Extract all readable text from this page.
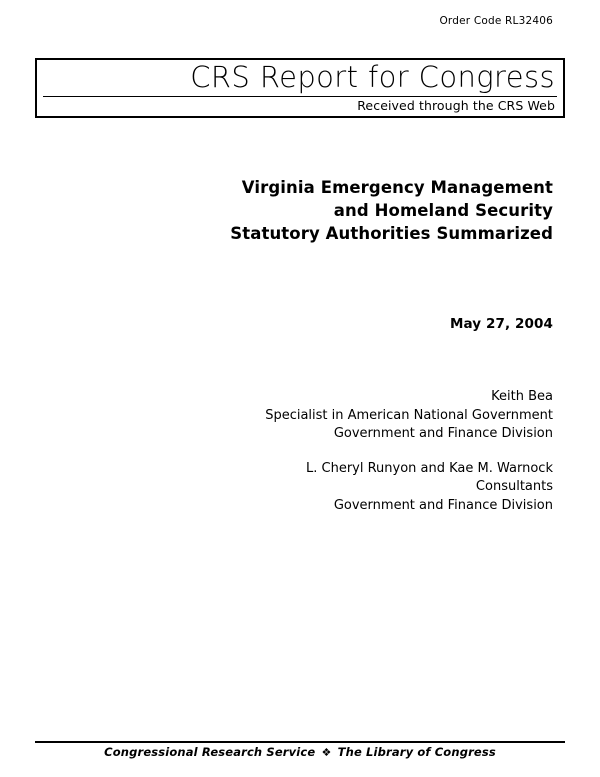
Order Code RL32406
CRS Report for Congress
Received through the CRS Web
Virginia Emergency Management
and Homeland Security
Statutory Authorities Summarized
May 27, 2004
Keith Bea
Specialist in American National Government
Government and Finance Division
L. Cheryl Runyon and Kae M. Warnock
Consultants
Government and Finance Division
Congressional Research Service ❖ The Library of Congress
